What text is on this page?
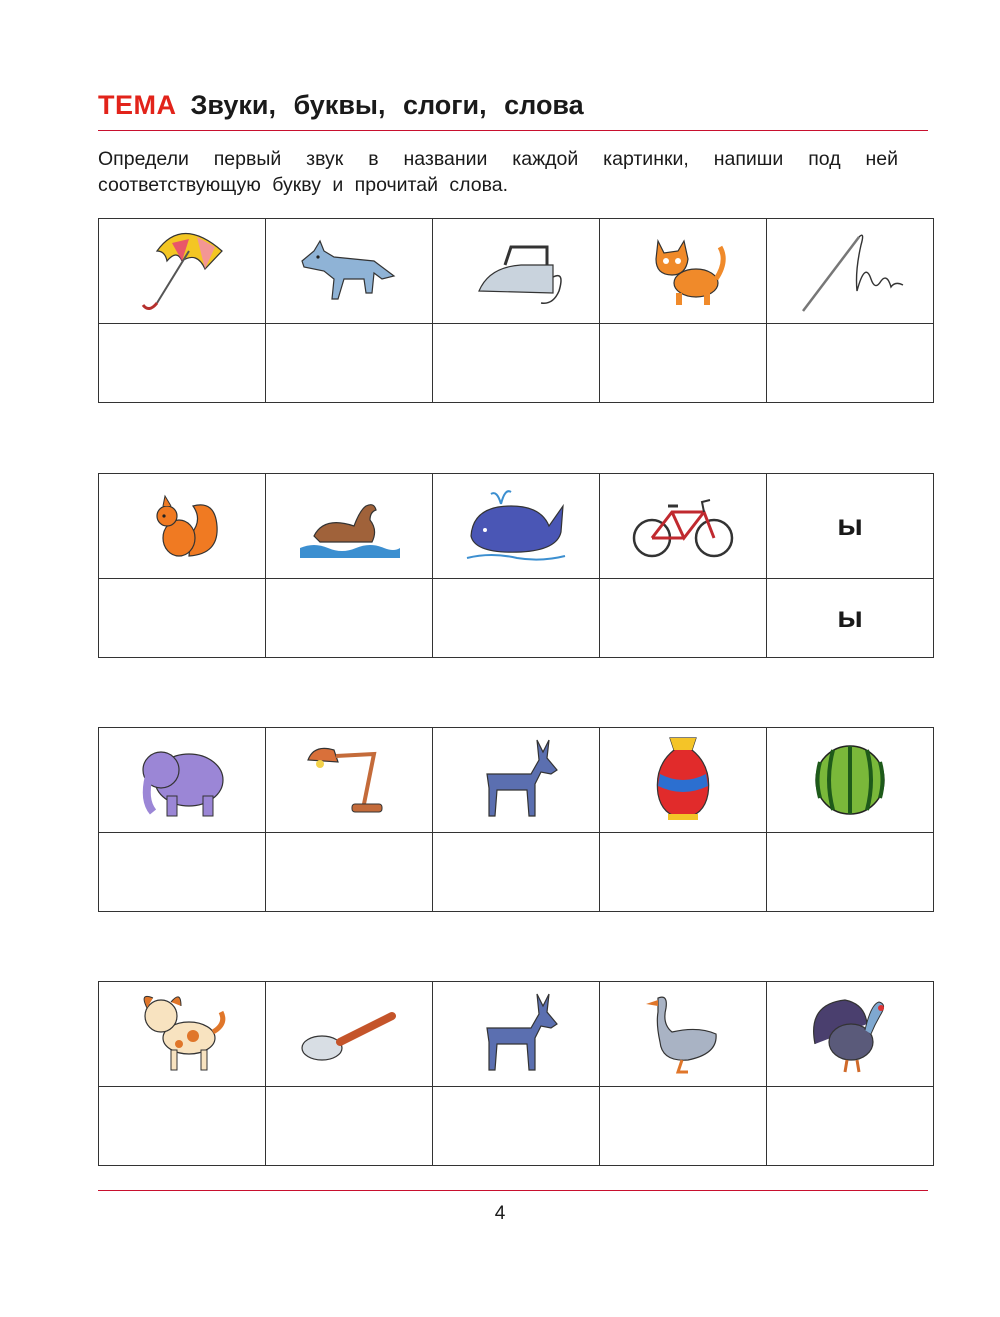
ТЕМА Звуки, буквы, слоги, слова
Определи первый звук в названии каждой картинки, напиши под ней соответствующую букву и прочитай слова.

				ы
				ы

4
